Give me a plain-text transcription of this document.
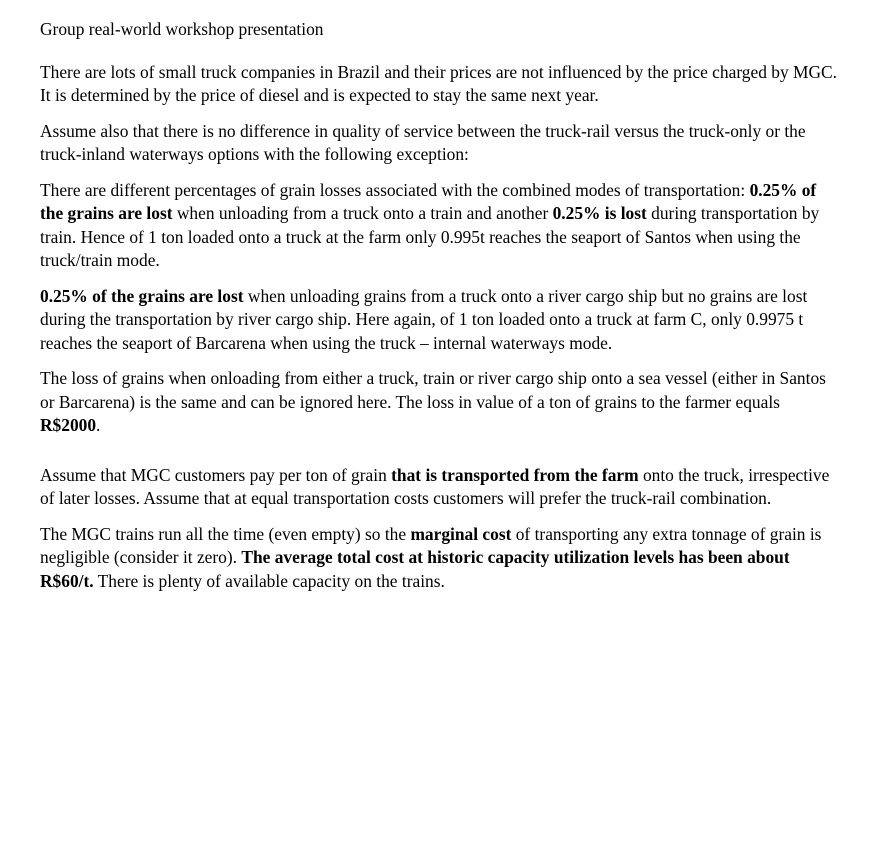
Group real-world workshop presentation

There are lots of small truck companies in Brazil and their prices are not influenced by the price charged by MGC. It is determined by the price of diesel and is expected to stay the same next year.

Assume also that there is no difference in quality of service between the truck-rail versus the truck-only or the truck-inland waterways options with the following exception:

There are different percentages of grain losses associated with the combined modes of transportation: 0.25% of the grains are lost when unloading from a truck onto a train and another 0.25% is lost during transportation by train. Hence of 1 ton loaded onto a truck at the farm only 0.995t reaches the seaport of Santos when using the truck/train mode.

0.25% of the grains are lost when unloading grains from a truck onto a river cargo ship but no grains are lost during the transportation by river cargo ship. Here again, of 1 ton loaded onto a truck at farm C, only 0.9975 t reaches the seaport of Barcarena when using the truck – internal waterways mode.

The loss of grains when onloading from either a truck, train or river cargo ship onto a sea vessel (either in Santos or Barcarena) is the same and can be ignored here. The loss in value of a ton of grains to the farmer equals R$2000.

Assume that MGC customers pay per ton of grain that is transported from the farm onto the truck, irrespective of later losses. Assume that at equal transportation costs customers will prefer the truck-rail combination.

The MGC trains run all the time (even empty) so the marginal cost of transporting any extra tonnage of grain is negligible (consider it zero). The average total cost at historic capacity utilization levels has been about R$60/t. There is plenty of available capacity on the trains.
